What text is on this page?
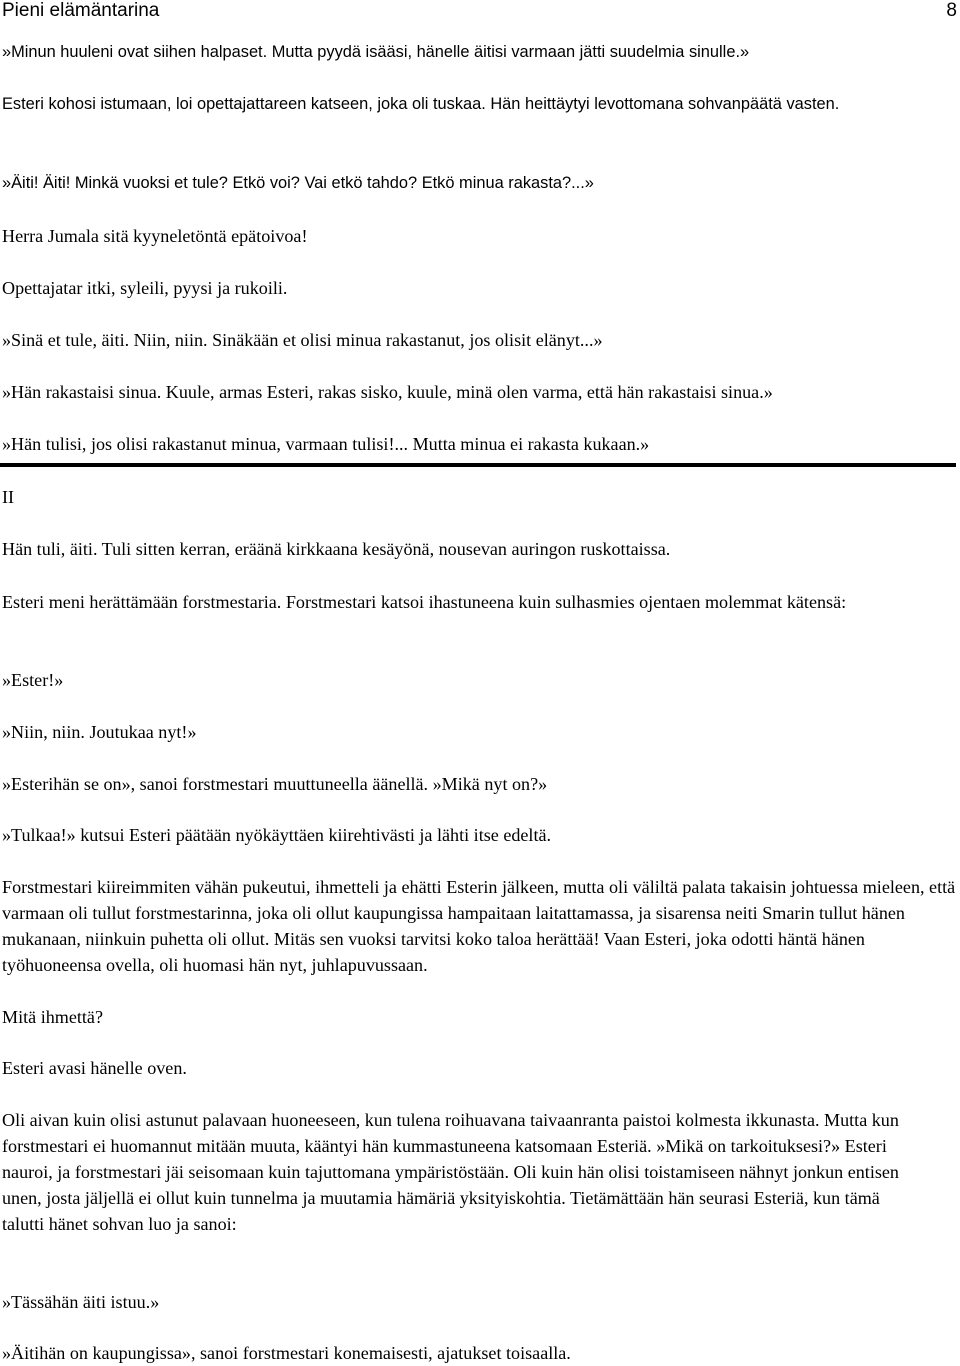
Pieni elämäntarina	8

»Minun huuleni ovat siihen halpaset. Mutta pyydä isääsi, hänelle äitisi varmaan jätti suudelmia sinulle.»

Esteri kohosi istumaan, loi opettajattareen katseen, joka oli tuskaa. Hän heittäytyi levottomana sohvanpäätä vasten.

»Äiti! Äiti! Minkä vuoksi et tule? Etkö voi? Vai etkö tahdo? Etkö minua rakasta?...»

Herra Jumala sitä kyyneletöntä epätoivoa!

Opettajatar itki, syleili, pyysi ja rukoili.

»Sinä et tule, äiti. Niin, niin. Sinäkään et olisi minua rakastanut, jos olisit elänyt...»

»Hän rakastaisi sinua. Kuule, armas Esteri, rakas sisko, kuule, minä olen varma, että hän rakastaisi sinua.»

»Hän tulisi, jos olisi rakastanut minua, varmaan tulisi!... Mutta minua ei rakasta kukaan.»

II

Hän tuli, äiti. Tuli sitten kerran, eräänä kirkkaana kesäyönä, nousevan auringon ruskottaissa.

Esteri meni herättämään forstmestaria. Forstmestari katsoi ihastuneena kuin sulhasmies ojentaen molemmat kätensä:

»Ester!»

»Niin, niin. Joutukaa nyt!»

»Esterihän se on», sanoi forstmestari muuttuneella äänellä. »Mikä nyt on?»

»Tulkaa!» kutsui Esteri päätään nyökäyttäen kiirehtivästi ja lähti itse edeltä.

Forstmestari kiireimmiten vähän pukeutui, ihmetteli ja ehätti Esterin jälkeen, mutta oli väliltä palata takaisin johtuessa mieleen, että varmaan oli tullut forstmestarinna, joka oli ollut kaupungissa hampaitaan laitattamassa, ja sisarensa neiti Smarin tullut hänen mukanaan, niinkuin puhetta oli ollut. Mitäs sen vuoksi tarvitsi koko taloa herättää! Vaan Esteri, joka odotti häntä hänen työhuoneensa ovella, oli huomasi hän nyt, juhlapuvussaan.

Mitä ihmettä?

Esteri avasi hänelle oven.

Oli aivan kuin olisi astunut palavaan huoneeseen, kun tulena roihuavana taivaanranta paistoi kolmesta ikkunasta. Mutta kun forstmestari ei huomannut mitään muuta, kääntyi hän kummastuneena katsomaan Esteriä. »Mikä on tarkoituksesi?» Esteri nauroi, ja forstmestari jäi seisomaan kuin tajuttomana ympäristöstään. Oli kuin hän olisi toistamiseen nähnyt jonkun entisen unen, josta jäljellä ei ollut kuin tunnelma ja muutamia hämäriä yksityiskohtia. Tietämättään hän seurasi Esteriä, kun tämä talutti hänet sohvan luo ja sanoi:

»Tässähän äiti istuu.»

»Äitihän on kaupungissa», sanoi forstmestari konemaisesti, ajatukset toisaalla.
